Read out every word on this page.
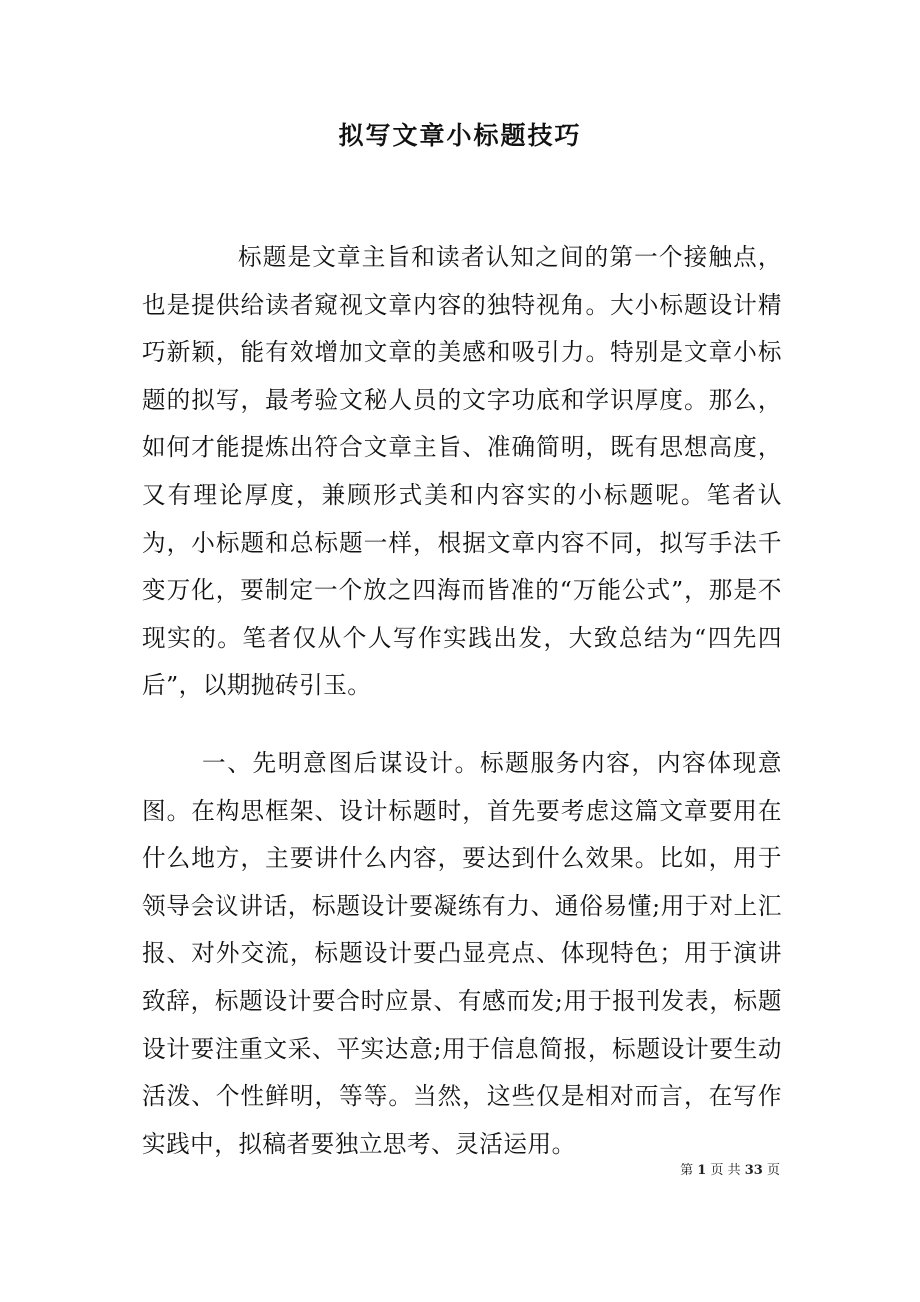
拟写文章小标题技巧

标题是文章主旨和读者认知之间的第一个接触点，也是提供给读者窥视文章内容的独特视角。大小标题设计精巧新颖，能有效增加文章的美感和吸引力。特别是文章小标题的拟写，最考验文秘人员的文字功底和学识厚度。那么，如何才能提炼出符合文章主旨、准确简明，既有思想高度，又有理论厚度，兼顾形式美和内容实的小标题呢。笔者认为，小标题和总标题一样，根据文章内容不同，拟写手法千变万化，要制定一个放之四海而皆准的“万能公式”，那是不现实的。笔者仅从个人写作实践出发，大致总结为“四先四后”，以期抛砖引玉。

一、先明意图后谋设计。标题服务内容，内容体现意图。在构思框架、设计标题时，首先要考虑这篇文章要用在什么地方，主要讲什么内容，要达到什么效果。比如，用于领导会议讲话，标题设计要凝练有力、通俗易懂;用于对上汇报、对外交流，标题设计要凸显亮点、体现特色；用于演讲致辞，标题设计要合时应景、有感而发;用于报刊发表，标题设计要注重文采、平实达意;用于信息简报，标题设计要生动活泼、个性鲜明，等等。当然，这些仅是相对而言，在写作实践中，拟稿者要独立思考、灵活运用。

第 1 页 共 33 页
